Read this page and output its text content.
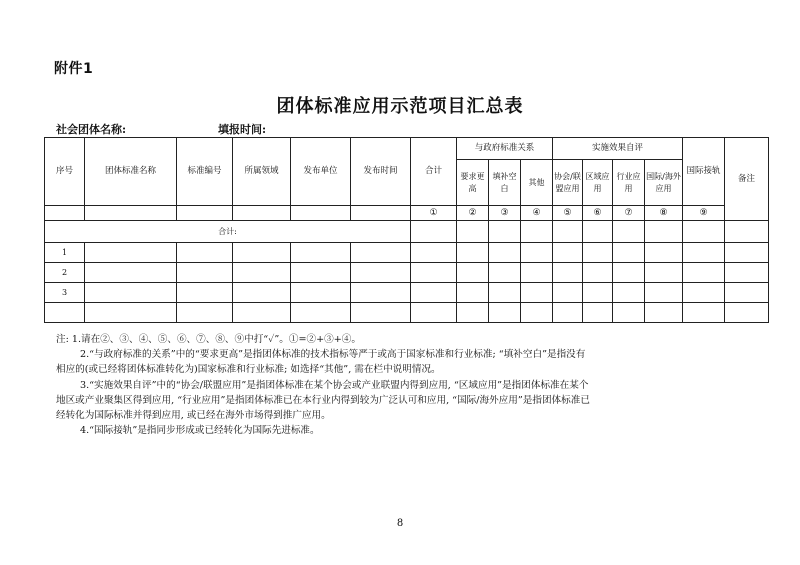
附件1
团体标准应用示范项目汇总表
社会团体名称:	填报时间:
序号	团体标准名称	标准编号	所属领域	发布单位	发布时间	合计	与政府标准关系			实施效果自评				国际接轨	备注
							要求更高	填补空白	其他	协会/联盟应用	区域应用	行业应用	国际/海外应用		
						①	②	③	④	⑤	⑥	⑦	⑧	⑨	
合计:															
1															
2															
3															

注: 1.请在②、③、④、⑤、⑥、⑦、⑧、⑨中打“✓”。①=②+③+④。

2.“与政府标准的关系”中的“要求更高”是指团体标准的技术指标等严于或高于国家标准和行业标准; “填补空白”是指没有

相应的(或已经将团体标准转化为)国家标准和行业标准; 如选择“其他”, 需在栏中说明情况。

3.“实施效果自评”中的“协会/联盟应用”是指团体标准在某个协会或产业联盟内得到应用, “区域应用”是指团体标准在某个

地区或产业聚集区得到应用, “行业应用”是指团体标准已在本行业内得到较为广泛认可和应用, “国际/海外应用”是指团体标准已

经转化为国际标准并得到应用, 或已经在海外市场得到推广应用。

4.“国际接轨”是指同步形成或已经转化为国际先进标准。

8
